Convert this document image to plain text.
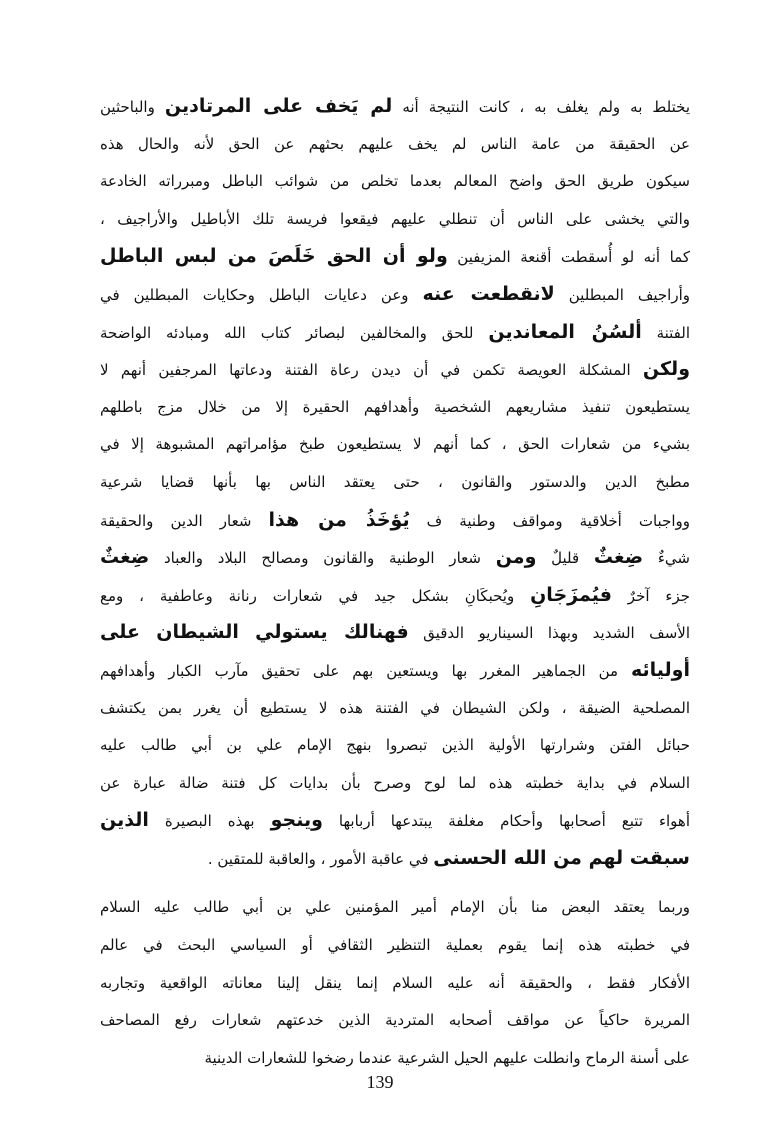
يختلط به ولم يغلف به ، كانت النتيجة أنه لم يَخف على المرتادين والباحثين
عن الحقيقة من عامة الناس لم يخف عليهم بحثهم عن الحق لأنه والحال هذه
سيكون طريق الحق واضح المعالم بعدما تخلص من شوائب الباطل ومبرراته الخادعة
والتي يخشى على الناس أن تنطلي عليهم فيقعوا فريسة تلك الأباطيل والأراجيف ،
كما أنه لو أُسقطت أقنعة المزيفين ولو أن الحق خَلَصَ من لبس الباطل
وأراجيف المبطلين لانقطعت عنه وعن دعايات الباطل وحكايات المبطلين في
الفتنة ألسُنُ المعاندين للحق والمخالفين لبصائر كتاب الله ومبادئه الواضحة
ولكن المشكلة العويصة تكمن في أن ديدن رعاة الفتنة ودعاتها المرجفين أنهم لا
يستطيعون تنفيذ مشاريعهم الشخصية وأهدافهم الحقيرة إلا من خلال مزج باطلهم
بشيء من شعارات الحق ، كما أنهم لا يستطيعون طبخ مؤامراتهم المشبوهة إلا في
مطبخ الدين والدستور والقانون ، حتى يعتقد الناس بها بأنها قضايا شرعية
وواجبات أخلاقية ومواقف وطنية ف يُؤخَذُ من هذا شعار الدين والحقيقة
شيءٌ ضِغثٌ قليلٌ ومن شعار الوطنية والقانون ومصالح البلاد والعباد ضِغثٌ
جزء آخرٌ فيُمزَجَانِ ويُحبكَانِ بشكل جيد في شعارات رنانة وعاطفية ، ومع
الأسف الشديد وبهذا السيناريو الدقيق فهنالك يستولي الشيطان على
أوليائه من الجماهير المغرر بها ويستعين بهم على تحقيق مآرب الكبار وأهدافهم
المصلحية الضيقة ، ولكن الشيطان في الفتنة هذه لا يستطيع أن يغرر بمن يكتشف
حبائل الفتن وشرارتها الأولية الذين تبصروا بنهج الإمام علي بن أبي طالب عليه
السلام في بداية خطبته هذه لما لوح وصرح بأن بدايات كل فتنة ضالة عبارة عن
أهواء تتبع أصحابها وأحكام مغلفة يبتدعها أربابها وينجو بهذه البصيرة الذين
سبقت لهم من الله الحسنى في عاقبة الأمور ، والعاقبة للمتقين .
وربما يعتقد البعض منا بأن الإمام أمير المؤمنين علي بن أبي طالب عليه السلام
في خطبته هذه إنما يقوم بعملية التنظير الثقافي أو السياسي البحث في عالم
الأفكار فقط ، والحقيقة أنه عليه السلام إنما ينقل إلينا معاناته الواقعية وتجاربه
المريرة حاكياً عن مواقف أصحابه المتردية الذين خدعتهم شعارات رفع المصاحف
على أسنة الرماح وانطلت عليهم الحيل الشرعية عندما رضخوا للشعارات الدينية
139
